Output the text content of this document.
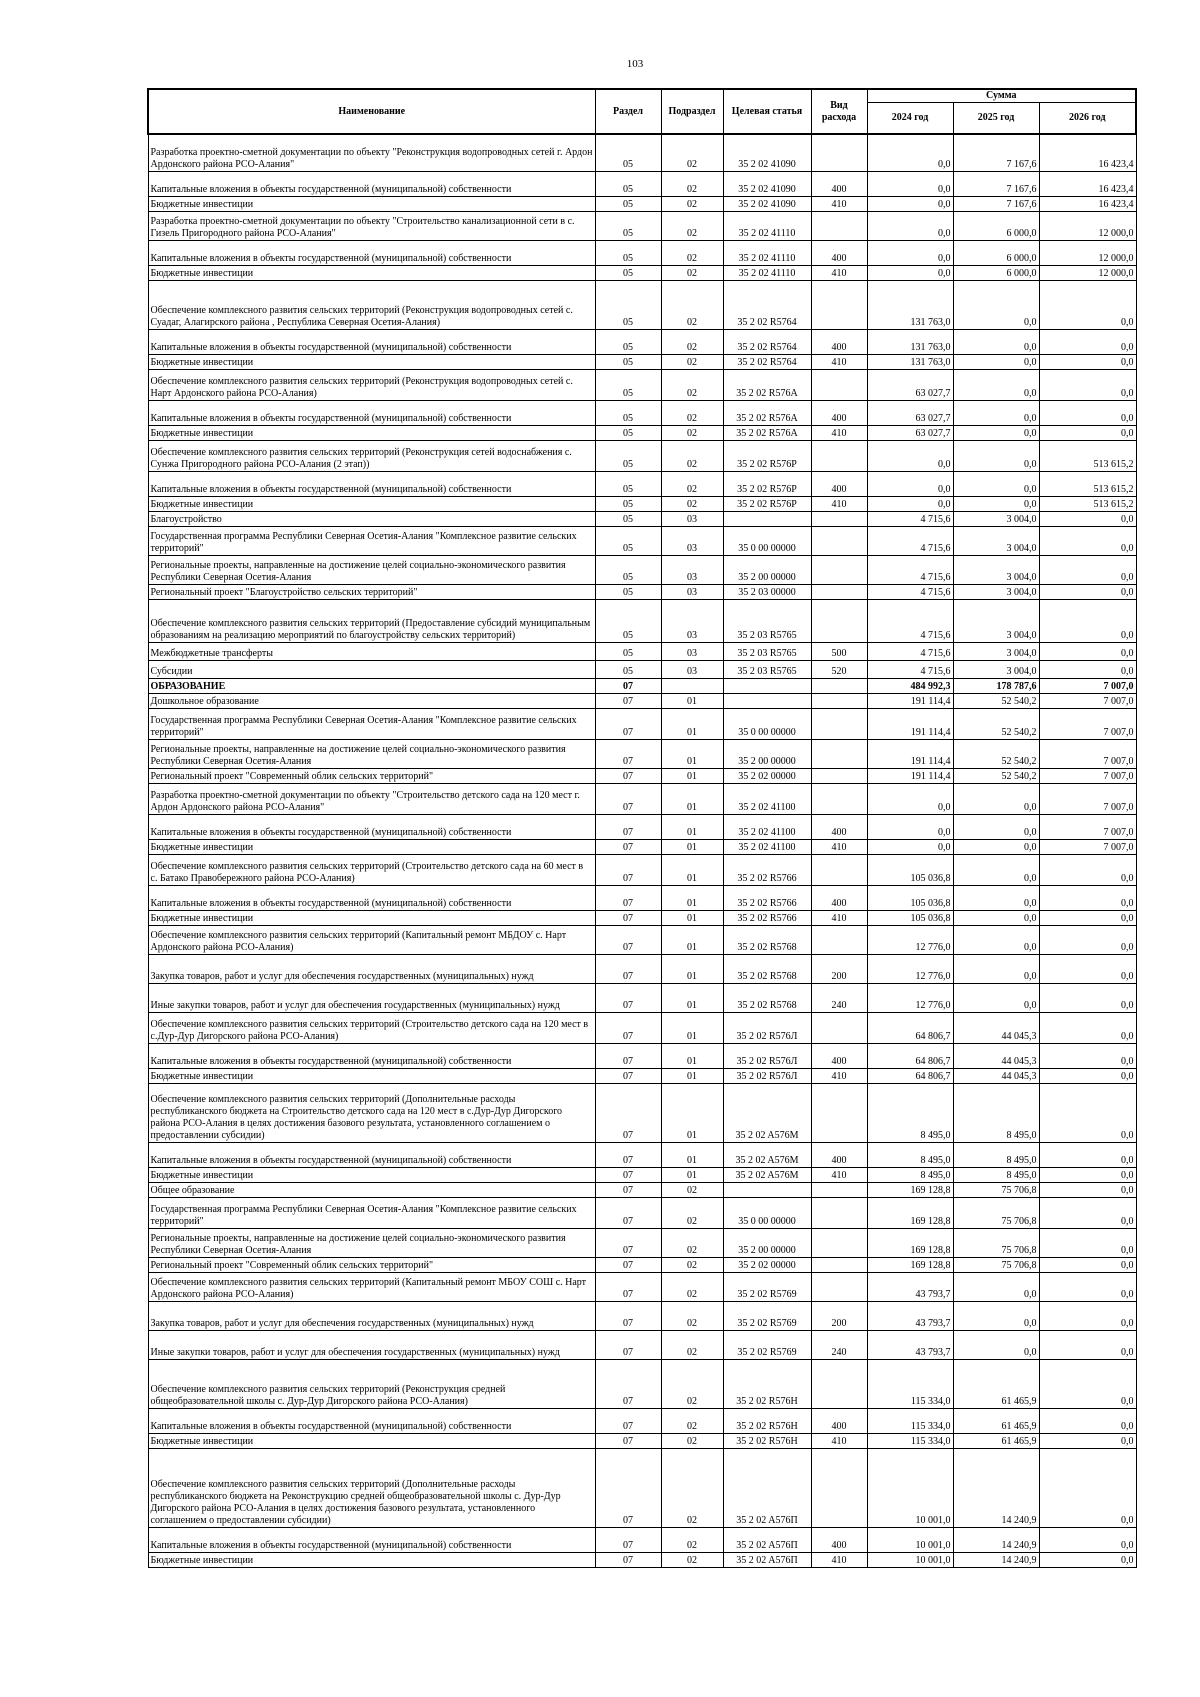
103
Наименование	Раздел	Подраздел	Целевая статья	Вид расхода	Сумма		
					2024 год	2025 год	2026 год
Разработка проектно-сметной документации по объекту "Реконструкция водопроводных сетей г. Ардон Ардонского района РСО-Алания"	05	02	35 2 02 41090		0,0	7 167,6	16 423,4
Капитальные вложения в объекты государственной (муниципальной) собственности	05	02	35 2 02 41090	400	0,0	7 167,6	16 423,4
Бюджетные инвестиции	05	02	35 2 02 41090	410	0,0	7 167,6	16 423,4
Разработка проектно-сметной документации по объекту "Строительство канализационной сети в с. Гизель Пригородного района РСО-Алания"	05	02	35 2 02 41110		0,0	6 000,0	12 000,0
Капитальные вложения в объекты государственной (муниципальной) собственности	05	02	35 2 02 41110	400	0,0	6 000,0	12 000,0
Бюджетные инвестиции	05	02	35 2 02 41110	410	0,0	6 000,0	12 000,0
Обеспечение комплексного развития сельских территорий (Реконструкция водопроводных сетей с. Суадаг, Алагирского района , Республика Северная Осетия-Алания)	05	02	35 2 02 R5764		131 763,0	0,0	0,0
Капитальные вложения в объекты государственной (муниципальной) собственности	05	02	35 2 02 R5764	400	131 763,0	0,0	0,0
Бюджетные инвестиции	05	02	35 2 02 R5764	410	131 763,0	0,0	0,0
Обеспечение комплексного развития сельских территорий (Реконструкция водопроводных сетей с. Нарт Ардонского района РСО-Алания)	05	02	35 2 02 R576A		63 027,7	0,0	0,0
Капитальные вложения в объекты государственной (муниципальной) собственности	05	02	35 2 02 R576A	400	63 027,7	0,0	0,0
Бюджетные инвестиции	05	02	35 2 02 R576A	410	63 027,7	0,0	0,0
Обеспечение комплексного развития сельских территорий (Реконструкция сетей водоснабжения с. Сунжа Пригородного района РСО-Алания (2 этап))	05	02	35 2 02 R576P		0,0	0,0	513 615,2
Капитальные вложения в объекты государственной (муниципальной) собственности	05	02	35 2 02 R576P	400	0,0	0,0	513 615,2
Бюджетные инвестиции	05	02	35 2 02 R576P	410	0,0	0,0	513 615,2
Благоустройство	05	03			4 715,6	3 004,0	0,0
Государственная программа Республики Северная Осетия-Алания "Комплексное развитие сельских территорий"	05	03	35 0 00 00000		4 715,6	3 004,0	0,0
Региональные проекты, направленные на достижение целей социально-экономического развития Республики Северная Осетия-Алания	05	03	35 2 00 00000		4 715,6	3 004,0	0,0
Региональный проект "Благоустройство сельских территорий"	05	03	35 2 03 00000		4 715,6	3 004,0	0,0
Обеспечение комплексного развития сельских территорий (Предоставление субсидий муниципальным образованиям на реализацию мероприятий по благоустройству сельских территорий)	05	03	35 2 03 R5765		4 715,6	3 004,0	0,0
Межбюджетные трансферты	05	03	35 2 03 R5765	500	4 715,6	3 004,0	0,0
Субсидии	05	03	35 2 03 R5765	520	4 715,6	3 004,0	0,0
ОБРАЗОВАНИЕ	07				484 992,3	178 787,6	7 007,0
Дошкольное образование	07	01			191 114,4	52 540,2	7 007,0
Государственная программа Республики Северная Осетия-Алания "Комплексное развитие сельских территорий"	07	01	35 0 00 00000		191 114,4	52 540,2	7 007,0
Региональные проекты, направленные на достижение целей социально-экономического развития Республики Северная Осетия-Алания	07	01	35 2 00 00000		191 114,4	52 540,2	7 007,0
Региональный проект "Современный облик сельских территорий"	07	01	35 2 02 00000		191 114,4	52 540,2	7 007,0
Разработка проектно-сметной документации по объекту "Строительство детского сада на 120 мест г. Ардон Ардонского района РСО-Алания"	07	01	35 2 02 41100		0,0	0,0	7 007,0
Капитальные вложения в объекты государственной (муниципальной) собственности	07	01	35 2 02 41100	400	0,0	0,0	7 007,0
Бюджетные инвестиции	07	01	35 2 02 41100	410	0,0	0,0	7 007,0
Обеспечение комплексного развития сельских территорий (Строительство детского сада на 60 мест в с. Батако Правобережного района РСО-Алания)	07	01	35 2 02 R5766		105 036,8	0,0	0,0
Капитальные вложения в объекты государственной (муниципальной) собственности	07	01	35 2 02 R5766	400	105 036,8	0,0	0,0
Бюджетные инвестиции	07	01	35 2 02 R5766	410	105 036,8	0,0	0,0
Обеспечение комплексного развития сельских территорий (Капитальный ремонт МБДОУ с. Нарт Ардонского района РСО-Алания)	07	01	35 2 02 R5768		12 776,0	0,0	0,0
Закупка товаров, работ и услуг для обеспечения государственных (муниципальных) нужд	07	01	35 2 02 R5768	200	12 776,0	0,0	0,0
Иные закупки товаров, работ и услуг для обеспечения государственных (муниципальных) нужд	07	01	35 2 02 R5768	240	12 776,0	0,0	0,0
Обеспечение комплексного развития сельских территорий (Строительство детского сада на 120 мест в с.Дур-Дур Дигорского района РСО-Алания)	07	01	35 2 02 R576Л		64 806,7	44 045,3	0,0
Капитальные вложения в объекты государственной (муниципальной) собственности	07	01	35 2 02 R576Л	400	64 806,7	44 045,3	0,0
Бюджетные инвестиции	07	01	35 2 02 R576Л	410	64 806,7	44 045,3	0,0
Обеспечение комплексного развития сельских территорий (Дополнительные расходы республиканского бюджета на Строительство детского сада на 120 мест в с.Дур-Дур Дигорского района РСО-Алания в целях достижения базового результата, установленного соглашением о предоставлении субсидии)	07	01	35 2 02 A576M		8 495,0	8 495,0	0,0
Капитальные вложения в объекты государственной (муниципальной) собственности	07	01	35 2 02 A576M	400	8 495,0	8 495,0	0,0
Бюджетные инвестиции	07	01	35 2 02 A576M	410	8 495,0	8 495,0	0,0
Общее образование	07	02			169 128,8	75 706,8	0,0
Государственная программа Республики Северная Осетия-Алания "Комплексное развитие сельских территорий"	07	02	35 0 00 00000		169 128,8	75 706,8	0,0
Региональные проекты, направленные на достижение целей социально-экономического развития Республики Северная Осетия-Алания	07	02	35 2 00 00000		169 128,8	75 706,8	0,0
Региональный проект "Современный облик сельских территорий"	07	02	35 2 02 00000		169 128,8	75 706,8	0,0
Обеспечение комплексного развития сельских территорий (Капитальный ремонт МБОУ СОШ с. Нарт Ардонского района РСО-Алания)	07	02	35 2 02 R5769		43 793,7	0,0	0,0
Закупка товаров, работ и услуг для обеспечения государственных (муниципальных) нужд	07	02	35 2 02 R5769	200	43 793,7	0,0	0,0
Иные закупки товаров, работ и услуг для обеспечения государственных (муниципальных) нужд	07	02	35 2 02 R5769	240	43 793,7	0,0	0,0
Обеспечение комплексного развития сельских территорий (Реконструкция средней общеобразовательной школы с. Дур-Дур Дигорского района РСО-Алания)	07	02	35 2 02 R576H		115 334,0	61 465,9	0,0
Капитальные вложения в объекты государственной (муниципальной) собственности	07	02	35 2 02 R576H	400	115 334,0	61 465,9	0,0
Бюджетные инвестиции	07	02	35 2 02 R576H	410	115 334,0	61 465,9	0,0
Обеспечение комплексного развития сельских территорий (Дополнительные расходы республиканского бюджета на Реконструкцию средней общеобразовательной школы с. Дур-Дур Дигорского района РСО-Алания в целях достижения базового результата, установленного соглашением о предоставлении субсидии)	07	02	35 2 02 A576П		10 001,0	14 240,9	0,0
Капитальные вложения в объекты государственной (муниципальной) собственности	07	02	35 2 02 A576П	400	10 001,0	14 240,9	0,0
Бюджетные инвестиции	07	02	35 2 02 A576П	410	10 001,0	14 240,9	0,0
